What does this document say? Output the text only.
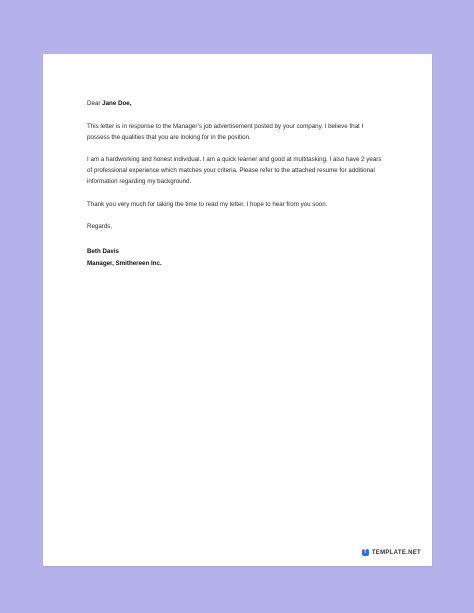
Dear Jane Doe,

This letter is in response to the Manager’s job advertisement posted by your company. I believe that I possess the qualities that you are looking for in the position.

I am a hardworking and honest individual. I am a quick learner and good at multitasking. I also have 2 years of professional experience which matches your criteria. Please refer to the attached resume for additional information regarding my background.

Thank you very much for taking the time to read my letter. I hope to hear from you soon.

Regards,

Beth Davis
Manager, Smithereen Inc.
T TEMPLATE.NET
